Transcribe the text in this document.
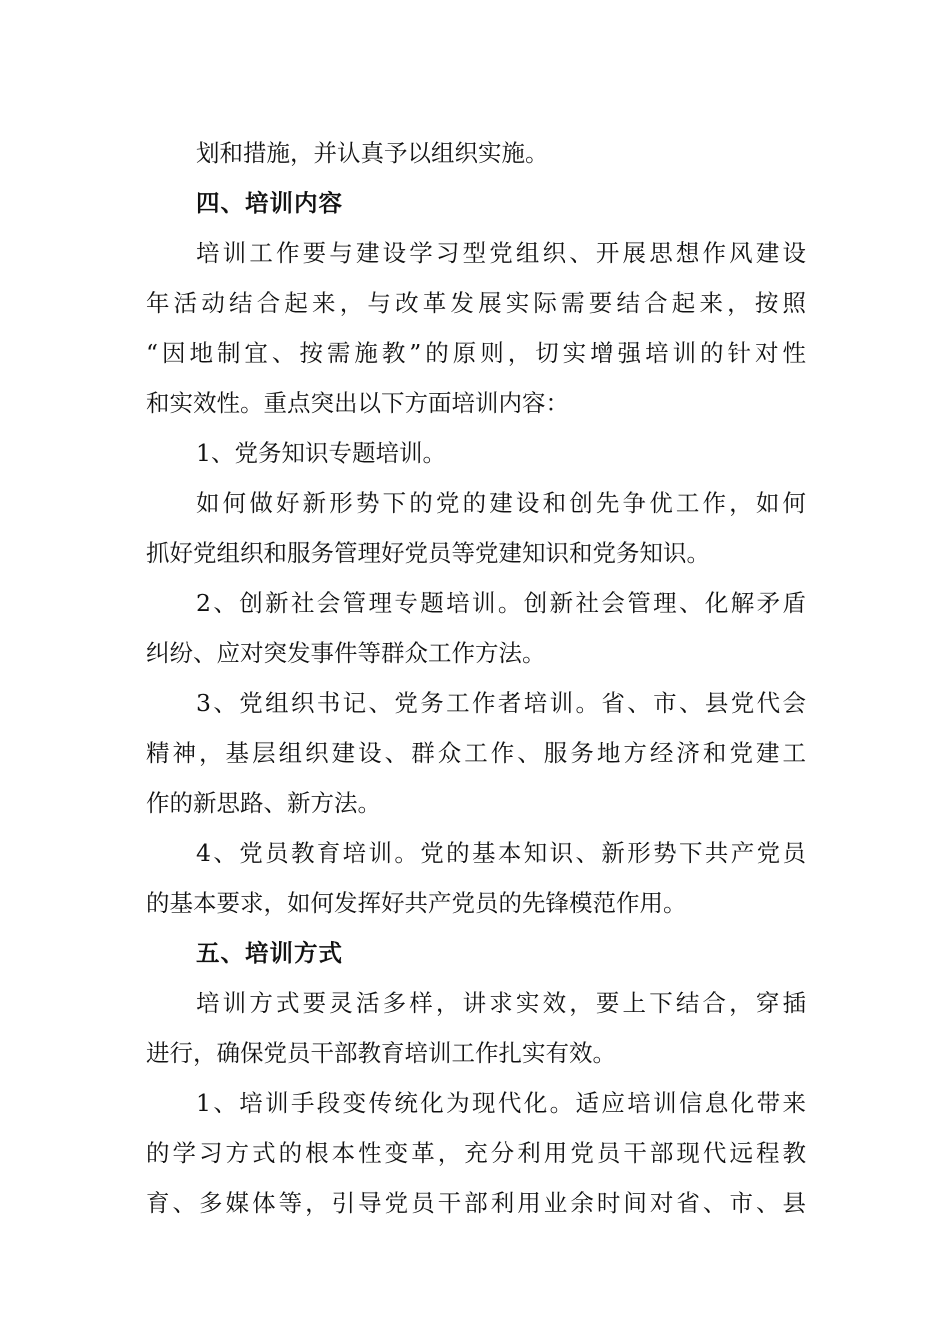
划和措施，并认真予以组织实施。
四、培训内容
培训工作要与建设学习型党组织、开展思想作风建设
年活动结合起来，与改革发展实际需要结合起来，按照
“因地制宜、按需施教”的原则，切实增强培训的针对性
和实效性。重点突出以下方面培训内容：
1、党务知识专题培训。
如何做好新形势下的党的建设和创先争优工作，如何
抓好党组织和服务管理好党员等党建知识和党务知识。
2、创新社会管理专题培训。创新社会管理、化解矛盾
纠纷、应对突发事件等群众工作方法。
3、党组织书记、党务工作者培训。省、市、县党代会
精神，基层组织建设、群众工作、服务地方经济和党建工
作的新思路、新方法。
4、党员教育培训。党的基本知识、新形势下共产党员
的基本要求，如何发挥好共产党员的先锋模范作用。
五、培训方式
培训方式要灵活多样，讲求实效，要上下结合，穿插
进行，确保党员干部教育培训工作扎实有效。
1、培训手段变传统化为现代化。适应培训信息化带来
的学习方式的根本性变革，充分利用党员干部现代远程教
育、多媒体等，引导党员干部利用业余时间对省、市、县
